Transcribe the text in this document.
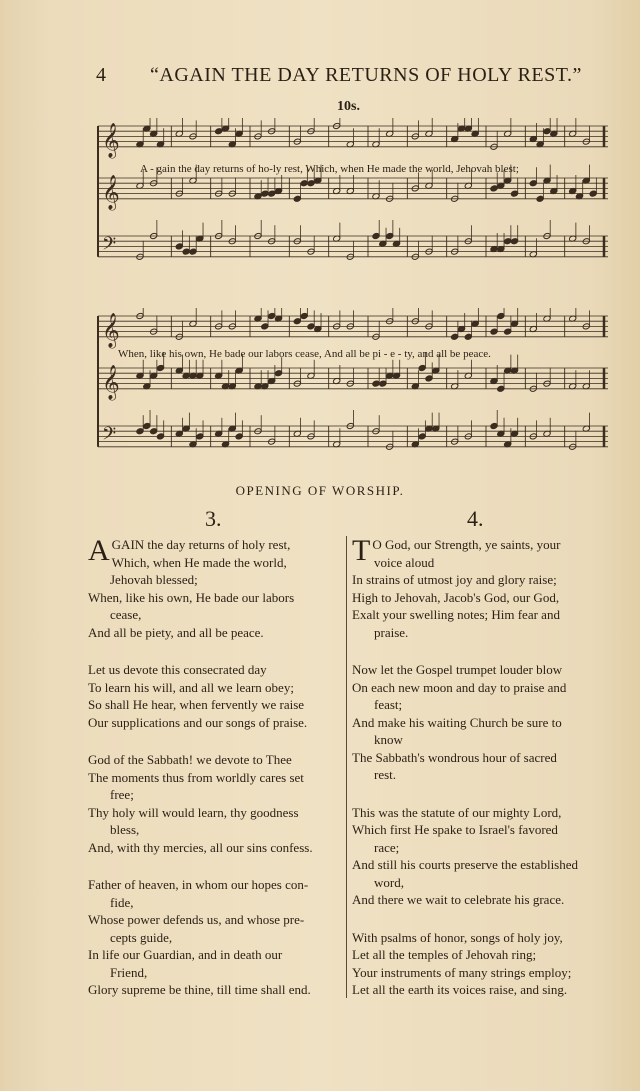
4 “AGAIN THE DAY RETURNS OF HOLY REST.”
10s.
𝄞
𝄞
𝄢
A - gain the day returns of ho-ly rest, Which, when He made the world, Jehovah blest;
𝄞
𝄞
𝄢
When, like his own, He bade our labors cease, And all be pi - e - ty, and all be peace.
OPENING OF WORSHIP.
3.	4.
AGAIN the day returns of holy rest,
Which, when He made the world,
Jehovah blessed;
When, like his own, He bade our labors
cease,
And all be piety, and all be peace.
Let us devote this consecrated day
To learn his will, and all we learn obey;
So shall He hear, when fervently we raise
Our supplications and our songs of praise.
God of the Sabbath! we devote to Thee
The moments thus from worldly cares set
free;
Thy holy will would learn, thy goodness
bless,
And, with thy mercies, all our sins confess.
Father of heaven, in whom our hopes con-
fide,
Whose power defends us, and whose pre-
cepts guide,
In life our Guardian, and in death our
Friend,
Glory supreme be thine, till time shall end.
T O God, our Strength, ye saints, your
voice aloud
In strains of utmost joy and glory raise;
High to Jehovah, Jacob's God, our God,
Exalt your swelling notes; Him fear and
praise.
Now let the Gospel trumpet louder blow
On each new moon and day to praise and
feast;
And make his waiting Church be sure to
know
The Sabbath's wondrous hour of sacred
rest.
This was the statute of our mighty Lord,
Which first He spake to Israel's favored
race;
And still his courts preserve the established
word,
And there we wait to celebrate his grace.
With psalms of honor, songs of holy joy,
Let all the temples of Jehovah ring;
Your instruments of many strings employ;
Let all the earth its voices raise, and sing.
